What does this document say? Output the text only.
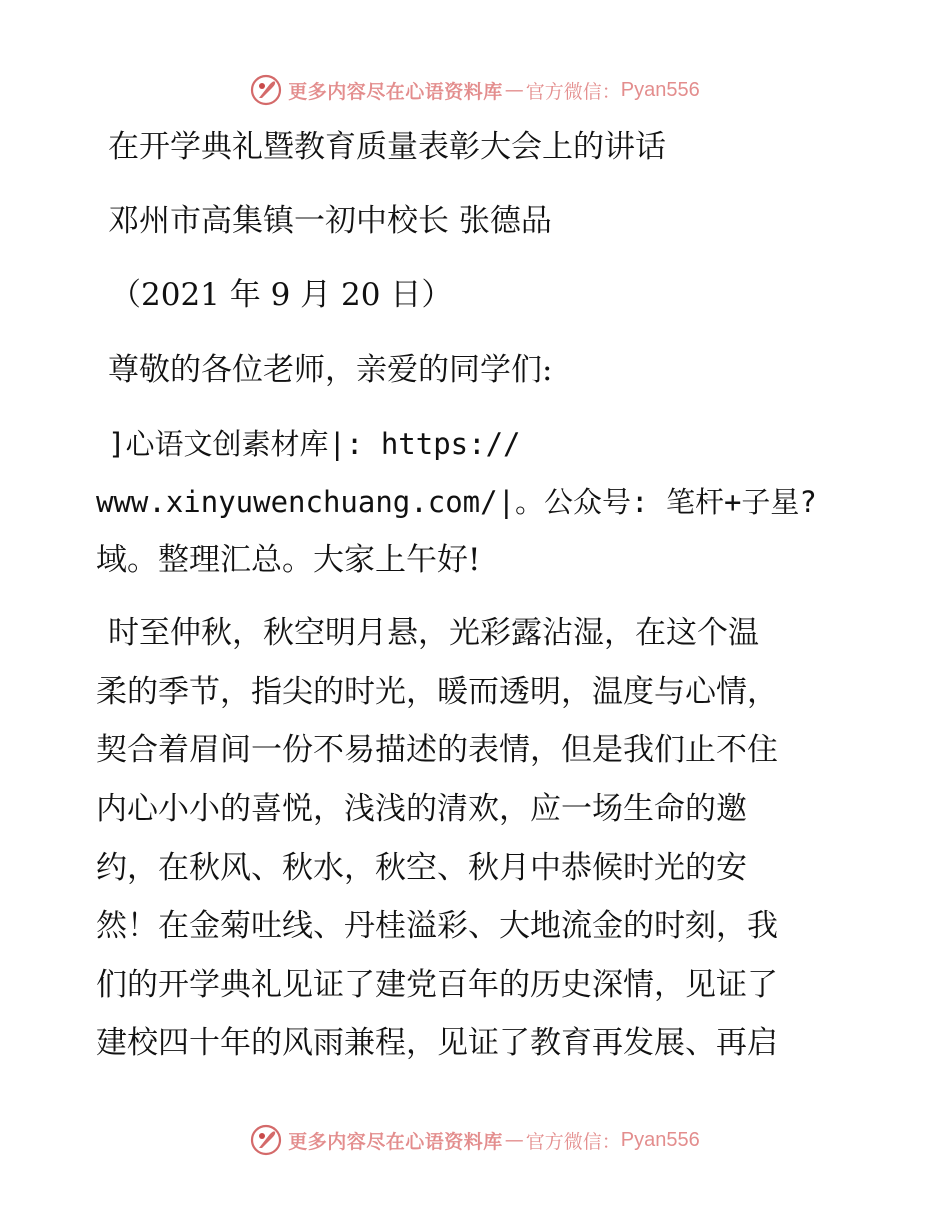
更多内容尽在心语资料库 — 官方微信： Pyan556
在开学典礼暨教育质量表彰大会上的讲话
邓州市高集镇一初中校长 张德品
（2021 年 9 月 20 日）
尊敬的各位老师，亲爱的同学们:
]心语文创素材库|: https://
www.xinyuwenchuang.com/|。公众号: 笔杆+子星?
域。整理汇总。大家上午好!
时至仲秋，秋空明月悬，光彩露沾湿，在这个温
柔的季节，指尖的时光，暖而透明，温度与心情，
契合着眉间一份不易描述的表情，但是我们止不住
内心小小的喜悦，浅浅的清欢，应一场生命的邀
约，在秋风、秋水，秋空、秋月中恭候时光的安
然！在金菊吐线、丹桂溢彩、大地流金的时刻，我
们的开学典礼见证了建党百年的历史深情，见证了
建校四十年的风雨兼程，见证了教育再发展、再启
更多内容尽在心语资料库 — 官方微信： Pyan556
